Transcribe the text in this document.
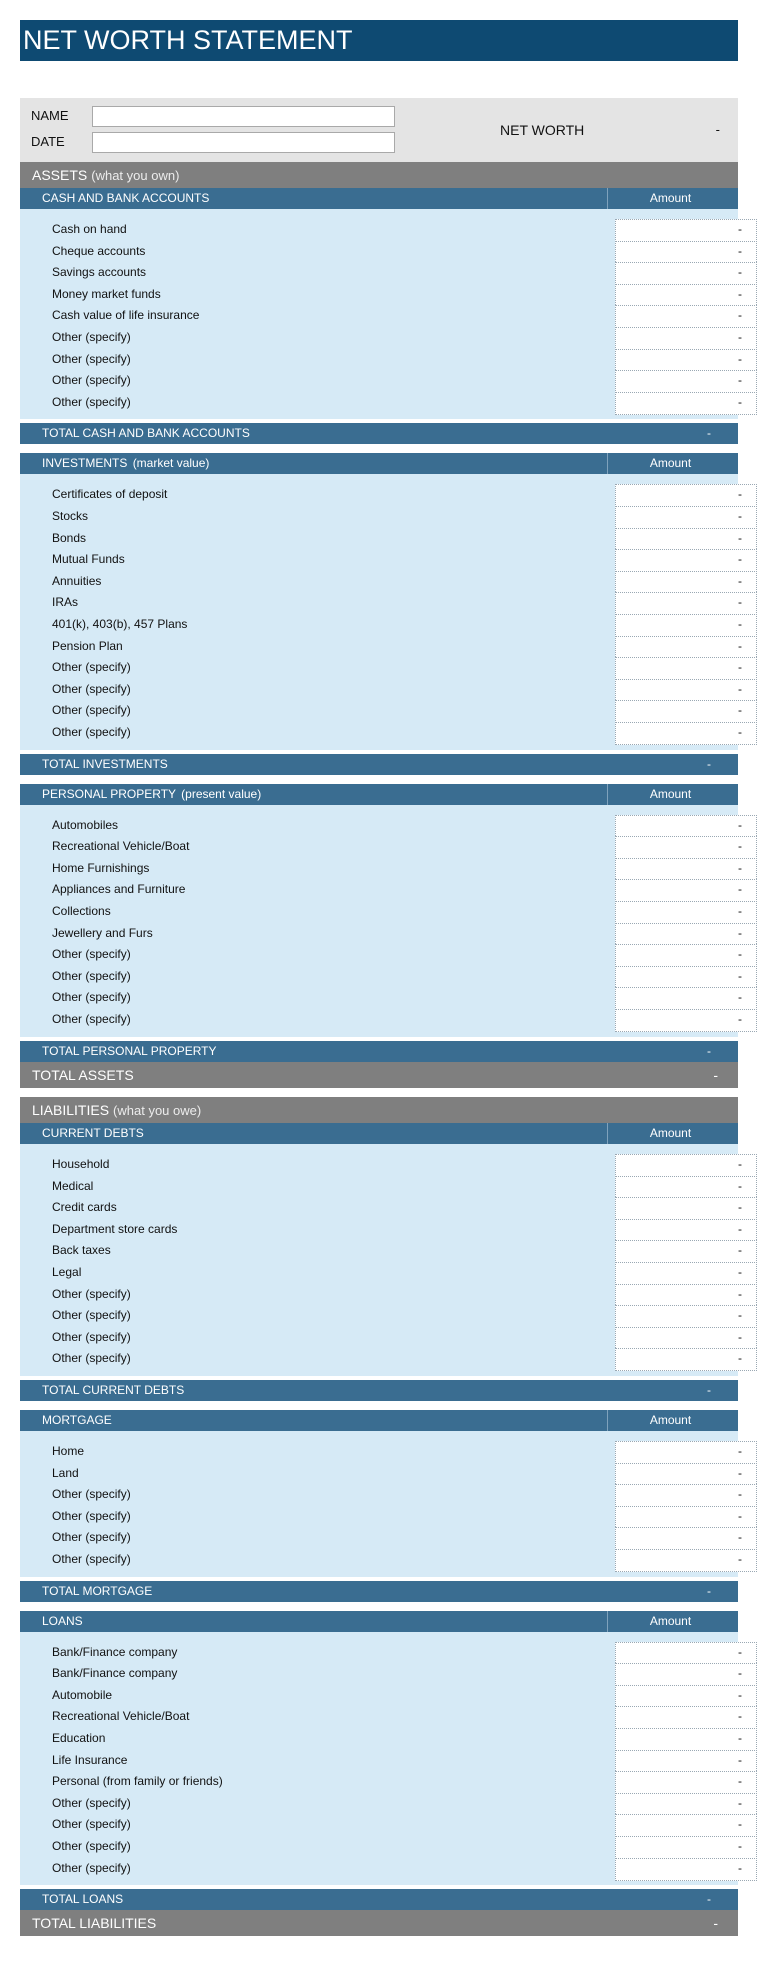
NET WORTH STATEMENT
NAME
DATE
NET WORTH	-
ASSETS (what you own)
CASH AND BANK ACCOUNTS	Amount
Cash on hand	-
Cheque accounts	-
Savings accounts	-
Money market funds	-
Cash value of life insurance	-
Other (specify)	-
Other (specify)	-
Other (specify)	-
Other (specify)	-
TOTAL CASH AND BANK ACCOUNTS	-
INVESTMENTS (market value)	Amount
Certificates of deposit	-
Stocks	-
Bonds	-
Mutual Funds	-
Annuities	-
IRAs	-
401(k), 403(b), 457 Plans	-
Pension Plan	-
Other (specify)	-
Other (specify)	-
Other (specify)	-
Other (specify)	-
TOTAL INVESTMENTS	-
PERSONAL PROPERTY (present value)	Amount
Automobiles	-
Recreational Vehicle/Boat	-
Home Furnishings	-
Appliances and Furniture	-
Collections	-
Jewellery and Furs	-
Other (specify)	-
Other (specify)	-
Other (specify)	-
Other (specify)	-
TOTAL PERSONAL PROPERTY	-
TOTAL ASSETS	-
LIABILITIES (what you owe)
CURRENT DEBTS	Amount
Household	-
Medical	-
Credit cards	-
Department store cards	-
Back taxes	-
Legal	-
Other (specify)	-
Other (specify)	-
Other (specify)	-
Other (specify)	-
TOTAL CURRENT DEBTS	-
MORTGAGE	Amount
Home	-
Land	-
Other (specify)	-
Other (specify)	-
Other (specify)	-
Other (specify)	-
TOTAL MORTGAGE	-
LOANS	Amount
Bank/Finance company	-
Bank/Finance company	-
Automobile	-
Recreational Vehicle/Boat	-
Education	-
Life Insurance	-
Personal (from family or friends)	-
Other (specify)	-
Other (specify)	-
Other (specify)	-
Other (specify)	-
TOTAL LOANS	-
TOTAL LIABILITIES	-
